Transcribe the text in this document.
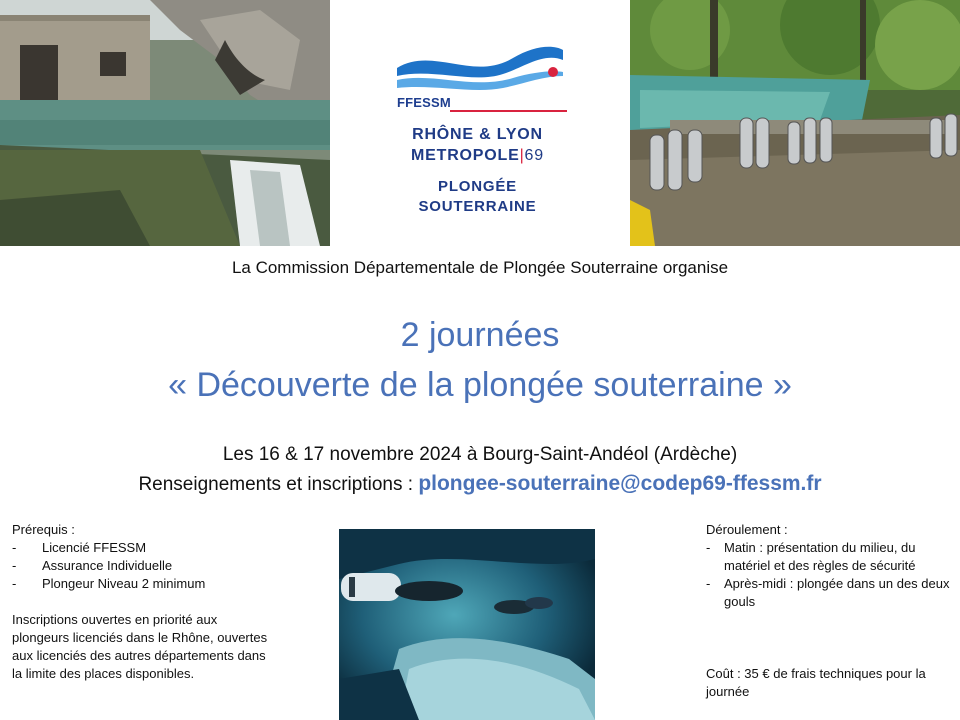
FFESSM
RHÔNE & LYON
METROPOLE|69
PLONGÉE
SOUTERRAINE
La Commission Départementale de Plongée Souterraine organise
2 journées
« Découverte de la plongée souterraine »
Les 16 & 17 novembre 2024 à Bourg-Saint-Andéol (Ardèche)
Renseignements et inscriptions : plongee-souterraine@codep69-ffessm.fr
Prérequis :
- Licencié FFESSM
- Assurance Individuelle
- Plongeur Niveau 2 minimum
Inscriptions ouvertes en priorité aux plongeurs licenciés dans le Rhône, ouvertes aux licenciés des autres départements dans la limite des places disponibles.
Déroulement :
- Matin : présentation du milieu, du matériel et des règles de sécurité
- Après-midi : plongée dans un des deux gouls
Coût : 35 € de frais techniques pour la journée
